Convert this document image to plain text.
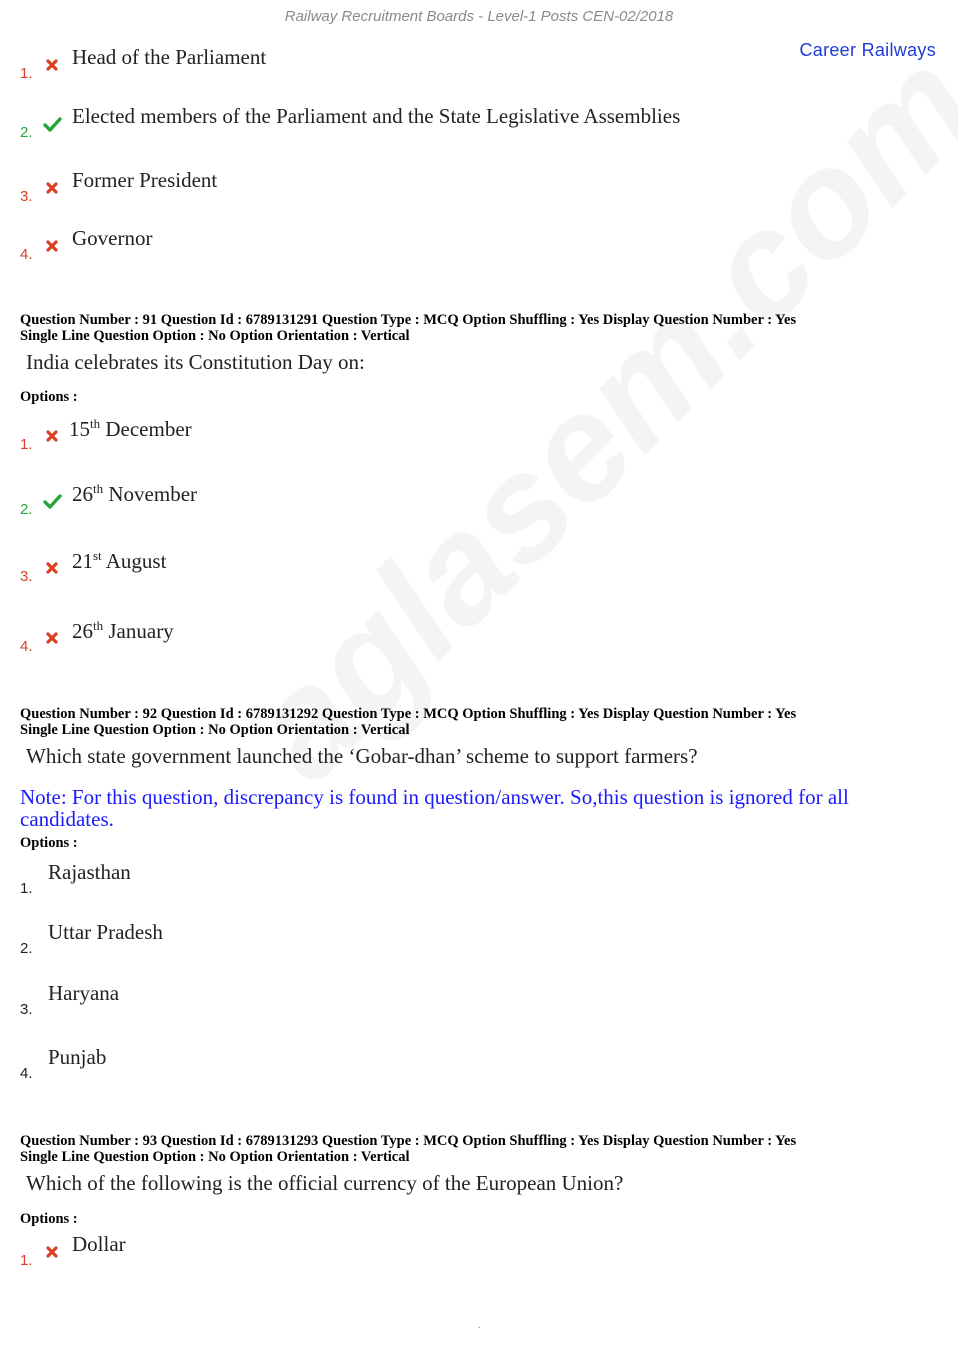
Railway Recruitment Boards - Level-1 Posts CEN-02/2018
Career Railways
1.
Head of the Parliament
2.
Elected members of the Parliament and the State Legislative Assemblies
3.
Former President
4.
Governor
Question Number : 91 Question Id : 6789131291 Question Type : MCQ Option Shuffling : Yes Display Question Number : Yes
Single Line Question Option : No Option Orientation : Vertical
India celebrates its Constitution Day on:
Options :
1.
15th December
2.
26th November
3.
21st August
4.
26th January
Question Number : 92 Question Id : 6789131292 Question Type : MCQ Option Shuffling : Yes Display Question Number : Yes
Single Line Question Option : No Option Orientation : Vertical
Which state government launched the ‘Gobar-dhan’ scheme to support farmers?
Note: For this question, discrepancy is found in question/answer. So,this question is ignored for all candidates.
Options :
1.
Rajasthan
2.
Uttar Pradesh
3.
Haryana
4.
Punjab
Question Number : 93 Question Id : 6789131293 Question Type : MCQ Option Shuffling : Yes Display Question Number : Yes
Single Line Question Option : No Option Orientation : Vertical
Which of the following is the official currency of the European Union?
Options :
1.
Dollar
.
